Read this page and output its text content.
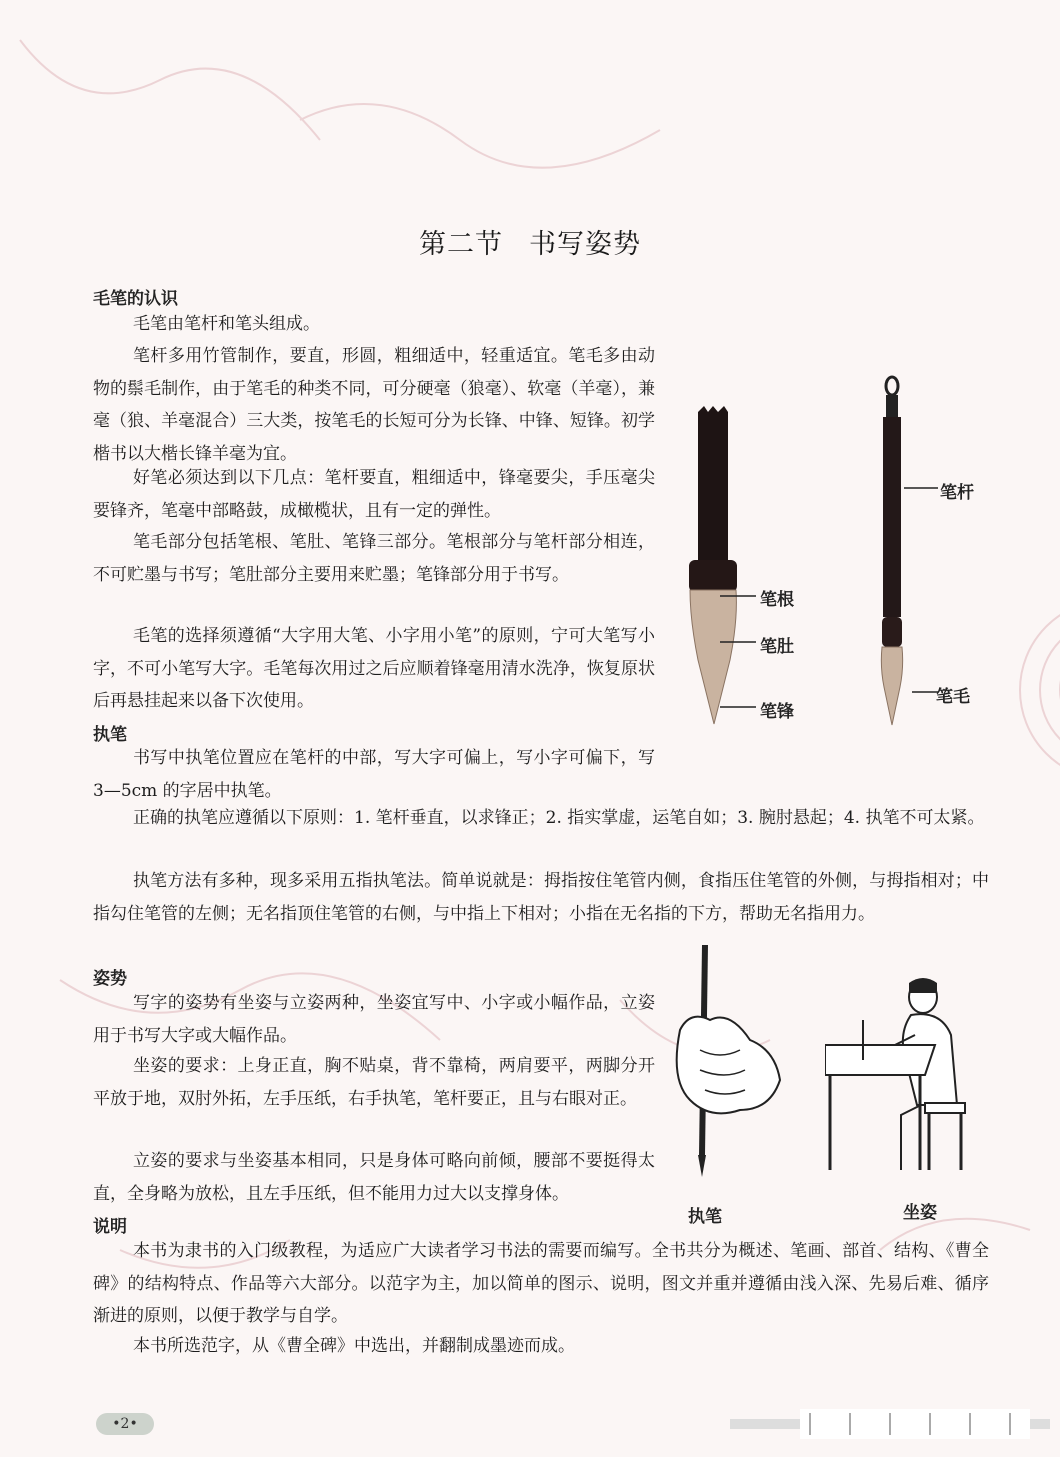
第二节 书写姿势
毛笔的认识

毛笔由笔杆和笔头组成。

笔杆多用竹管制作，要直，形圆，粗细适中，轻重适宜。笔毛多由动物的鬃毛制作，由于笔毛的种类不同，可分硬毫（狼毫）、软毫（羊毫），兼毫（狼、羊毫混合）三大类，按笔毛的长短可分为长锋、中锋、短锋。初学楷书以大楷长锋羊毫为宜。

好笔必须达到以下几点：笔杆要直，粗细适中，锋毫要尖，手压毫尖要锋齐，笔毫中部略鼓，成橄榄状，且有一定的弹性。

笔毛部分包括笔根、笔肚、笔锋三部分。笔根部分与笔杆部分相连，不可贮墨与书写；笔肚部分主要用来贮墨；笔锋部分用于书写。

毛笔的选择须遵循“大字用大笔、小字用小笔”的原则，宁可大笔写小字，不可小笔写大字。毛笔每次用过之后应顺着锋毫用清水洗净，恢复原状后再悬挂起来以备下次使用。

执笔

书写中执笔位置应在笔杆的中部，写大字可偏上，写小字可偏下，写 3—5cm 的字居中执笔。

正确的执笔应遵循以下原则：1. 笔杆垂直，以求锋正；2. 指实掌虚，运笔自如；3. 腕肘悬起；4. 执笔不可太紧。

执笔方法有多种，现多采用五指执笔法。简单说就是：拇指按住笔管内侧，食指压住笔管的外侧，与拇指相对；中指勾住笔管的左侧；无名指顶住笔管的右侧，与中指上下相对；小指在无名指的下方，帮助无名指用力。

姿势

写字的姿势有坐姿与立姿两种，坐姿宜写中、小字或小幅作品，立姿用于书写大字或大幅作品。

坐姿的要求：上身正直，胸不贴桌，背不靠椅，两肩要平，两脚分开平放于地，双肘外拓，左手压纸，右手执笔，笔杆要正，且与右眼对正。

立姿的要求与坐姿基本相同，只是身体可略向前倾，腰部不要挺得太直，全身略为放松，且左手压纸，但不能用力过大以支撑身体。

说明

本书为隶书的入门级教程，为适应广大读者学习书法的需要而编写。全书共分为概述、笔画、部首、结构、《曹全碑》的结构特点、作品等六大部分。以范字为主，加以简单的图示、说明，图文并重并遵循由浅入深、先易后难、循序渐进的原则，以便于教学与自学。

本书所选范字，从《曹全碑》中选出，并翻制成墨迹而成。

笔根
笔肚
笔锋
笔杆
笔毛
执笔	坐姿
•2•
